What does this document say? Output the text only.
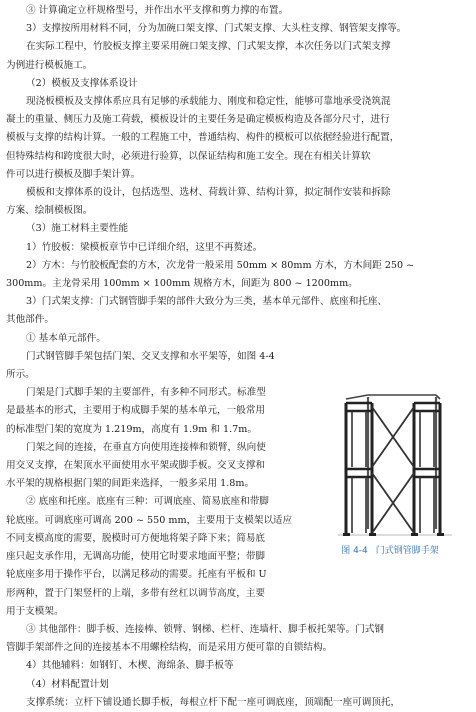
③ 计算确定立杆规格型号，并作出水平支撑和剪力撑的布置。

3）支撑按所用材料不同，分为加碗口架支撑、门式架支撑、大头柱支撑、钢管架支撑等。

在实际工程中，竹胶板支撑主要采用碗口架支撑、门式架支撑，本次任务以门式架支撑

为例进行模板施工。

（2）模板及支撑体系设计

现浇板模板及支撑体系应具有足够的承载能力、刚度和稳定性，能够可靠地承受浇筑混

凝土的重量、侧压力及施工荷载，模板设计的主要任务是确定模板构造及各部分尺寸，进行

模板与支撑的结构计算。一般的工程施工中，普通结构、构件的模板可以依据经验进行配置，

但特殊结构和跨度很大时，必须进行验算，以保证结构和施工安全。现在有相关计算软

件可以进行模板及脚手架计算。

模板和支撑体系的设计，包括选型、选材、荷载计算、结构计算，拟定制作安装和拆除

方案、绘制模板图。

（3）施工材料主要性能

1）竹胶板：梁模板章节中已详细介绍，这里不再赘述。

2）方木：与竹胶板配套的方木，次龙骨一般采用 50mm × 80mm 方木，方木间距 250 ~

300mm。主龙骨采用 100mm × 100mm 规格方木，间距为 800 ~ 1200mm。

3）门式架支撑：门式钢管脚手架的部件大致分为三类，基本单元部件、底座和托座、

其他部件。

① 基本单元部件。

门式钢管脚手架包括门架、交叉支撑和水平架等，如图 4-4

所示。

门架是门式脚手架的主要部件，有多种不同形式。标准型

是最基本的形式，主要用于构成脚手架的基本单元，一般常用

的标准型门架的宽度为 1.219m，高度有 1.9m 和 1.7m。

门架之间的连接，在垂直方向使用连接棒和锁臂，纵向使

用交叉支撑，在架顶水平面使用水平架或脚手板。交叉支撑和

水平架的规格根据门架的间距来选择，一般多采用 1.8m。

② 底座和托座。底座有三种：可调底座、简易底座和带脚

轮底座。可调底座可调高 200 ~ 550 mm，主要用于支模架以适应

不同支模高度的需要，脱模时可方便地将架子降下来；简易底

座只起支承作用，无调高功能，使用它时要求地面平整；带脚

轮底座多用于操作平台，以满足移动的需要。托座有平板和 U

形两种，置于门架竖杆的上端，多带有丝杠以调节高度，主要

用于支模架。

图 4-4 门式钢管脚手架

③ 其他部件：脚手板、连接棒、锁臂、钢梯、栏杆、连墙杆、脚手板托架等。门式钢

管脚手架部件之间的连接基本不用螺栓结构，而是采用方便可靠的自锁结构。

4）其他辅料：如钢钉、木楔、海绵条、脚手板等

（4）材料配置计划

支撑系统：立杆下铺设通长脚手板，每根立杆下配一座可调底座，顶端配一座可调顶托，
